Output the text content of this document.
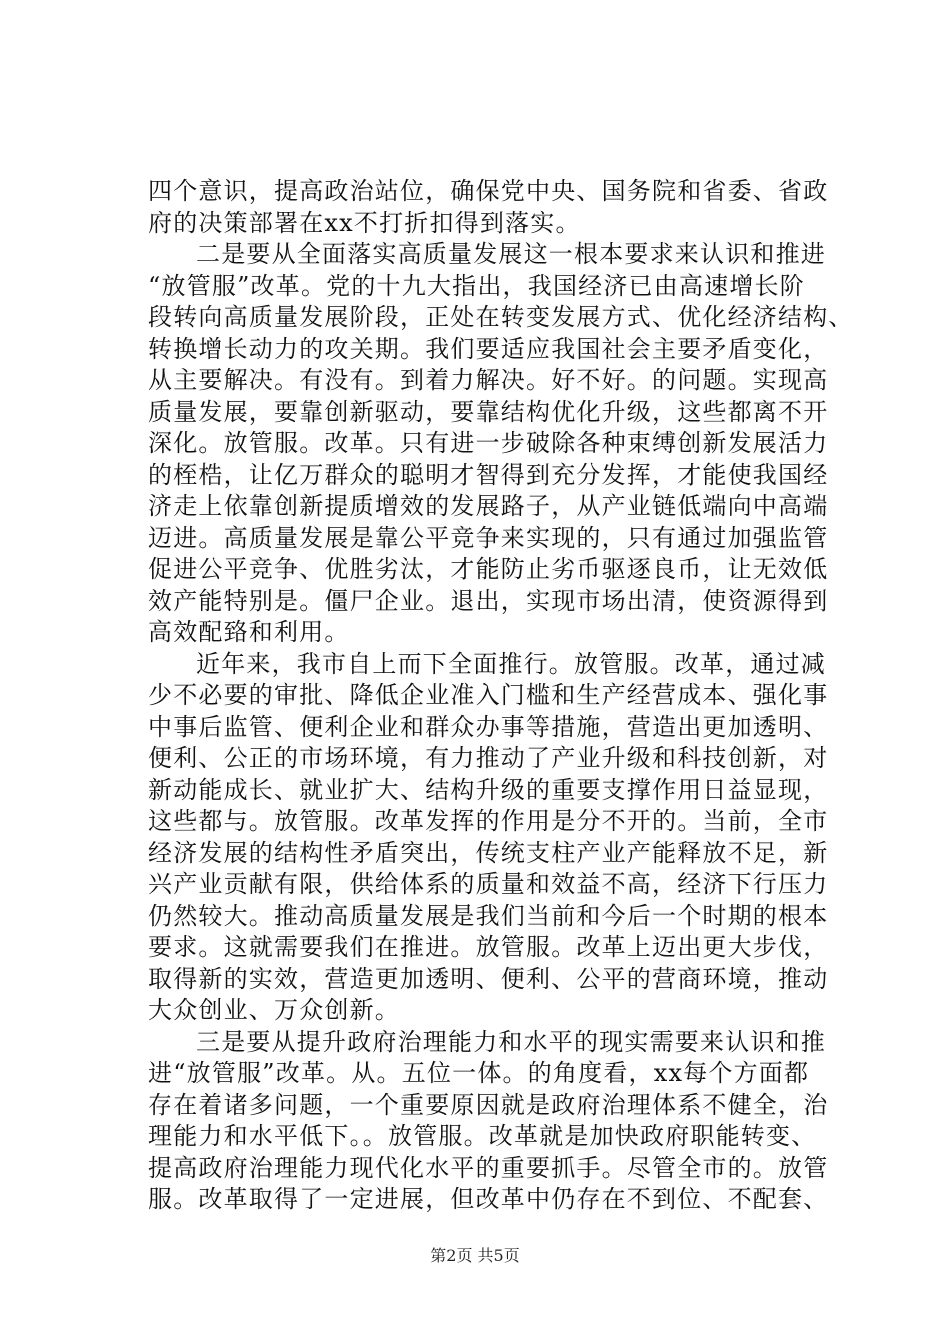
四个意识，提高政治站位，确保党中央、国务院和省委、省政
府的决策部署在xx不打折扣得到落实。
二是要从全面落实高质量发展这一根本要求来认识和推进
“放管服”改革。党的十九大指出，我国经济已由高速增长阶
段转向高质量发展阶段，正处在转变发展方式、优化经济结构、
转换增长动力的攻关期。我们要适应我国社会主要矛盾变化，
从主要解决。有没有。到着力解决。好不好。的问题。实现高
质量发展，要靠创新驱动，要靠结构优化升级，这些都离不开
深化。放管服。改革。只有进一步破除各种束缚创新发展活力
的桎梏，让亿万群众的聪明才智得到充分发挥，才能使我国经
济走上依靠创新提质增效的发展路子，从产业链低端向中高端
迈进。高质量发展是靠公平竞争来实现的，只有通过加强监管
促进公平竞争、优胜劣汰，才能防止劣币驱逐良币，让无效低
效产能特别是。僵尸企业。退出，实现市场出清，使资源得到
高效配臵和利用。
近年来，我市自上而下全面推行。放管服。改革，通过减
少不必要的审批、降低企业准入门槛和生产经营成本、强化事
中事后监管、便利企业和群众办事等措施，营造出更加透明、
便利、公正的市场环境，有力推动了产业升级和科技创新，对
新动能成长、就业扩大、结构升级的重要支撑作用日益显现，
这些都与。放管服。改革发挥的作用是分不开的。当前，全市
经济发展的结构性矛盾突出，传统支柱产业产能释放不足，新
兴产业贡献有限，供给体系的质量和效益不高，经济下行压力
仍然较大。推动高质量发展是我们当前和今后一个时期的根本
要求。这就需要我们在推进。放管服。改革上迈出更大步伐，
取得新的实效，营造更加透明、便利、公平的营商环境，推动
大众创业、万众创新。
三是要从提升政府治理能力和水平的现实需要来认识和推
进“放管服”改革。从。五位一体。的角度看，xx每个方面都
存在着诸多问题，一个重要原因就是政府治理体系不健全，治
理能力和水平低下。。放管服。改革就是加快政府职能转变、
提高政府治理能力现代化水平的重要抓手。尽管全市的。放管
服。改革取得了一定进展，但改革中仍存在不到位、不配套、
第2页 共5页
